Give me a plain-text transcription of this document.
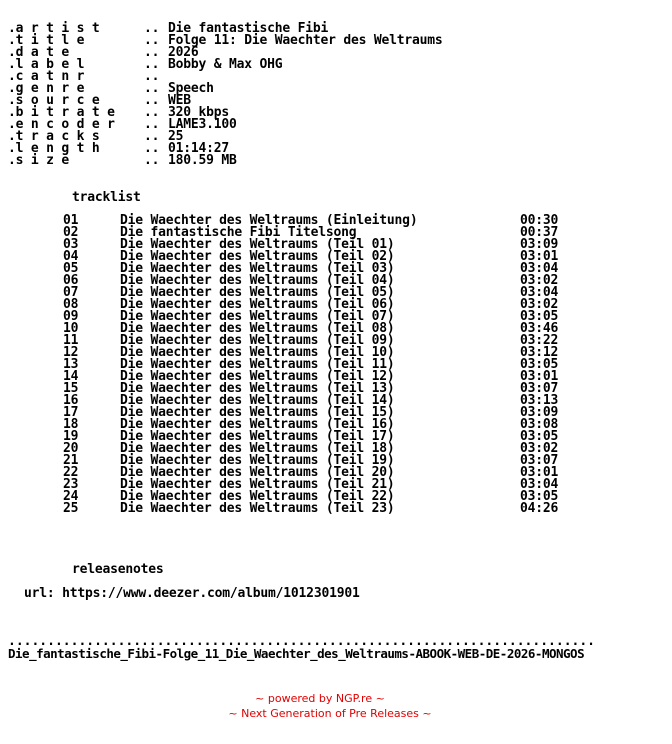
.a r t i s t	.. Die fantastische Fibi
.t i t l e	.. Folge 11: Die Waechter des Weltraums
.d a t e	.. 2026
.l a b e l	.. Bobby & Max OHG
.c a t n r	..
.g e n r e	.. Speech
.s o u r c e	.. WEB
.b i t r a t e .. 320 kbps
.e n c o d e r .. LAME3.100
.t r a c k s	.. 25
.l e n g t h	.. 01:14:27
.s i z e	.. 180.59 MB
tracklist
01	Die Waechter des Weltraums (Einleitung)	00:30
02	Die fantastische Fibi Titelsong	00:37
03	Die Waechter des Weltraums (Teil 01)	03:09
04	Die Waechter des Weltraums (Teil 02)	03:01
05	Die Waechter des Weltraums (Teil 03)	03:04
06	Die Waechter des Weltraums (Teil 04)	03:02
07	Die Waechter des Weltraums (Teil 05)	03:04
08	Die Waechter des Weltraums (Teil 06)	03:02
09	Die Waechter des Weltraums (Teil 07)	03:05
10	Die Waechter des Weltraums (Teil 08)	03:46
11	Die Waechter des Weltraums (Teil 09)	03:22
12	Die Waechter des Weltraums (Teil 10)	03:12
13	Die Waechter des Weltraums (Teil 11)	03:05
14	Die Waechter des Weltraums (Teil 12)	03:01
15	Die Waechter des Weltraums (Teil 13)	03:07
16	Die Waechter des Weltraums (Teil 14)	03:13
17	Die Waechter des Weltraums (Teil 15)	03:09
18	Die Waechter des Weltraums (Teil 16)	03:08
19	Die Waechter des Weltraums (Teil 17)	03:05
20	Die Waechter des Weltraums (Teil 18)	03:02
21	Die Waechter des Weltraums (Teil 19)	03:07
22	Die Waechter des Weltraums (Teil 20)	03:01
23	Die Waechter des Weltraums (Teil 21)	03:04
24	Die Waechter des Weltraums (Teil 22)	03:05
25	Die Waechter des Weltraums (Teil 23)	04:26
releasenotes
url: https://www.deezer.com/album/1012301901
...........................................................................
Die_fantastische_Fibi-Folge_11_Die_Waechter_des_Weltraums-ABOOK-WEB-DE-2026-MONGOS
~ powered by NGP.re ~
~ Next Generation of Pre Releases ~
